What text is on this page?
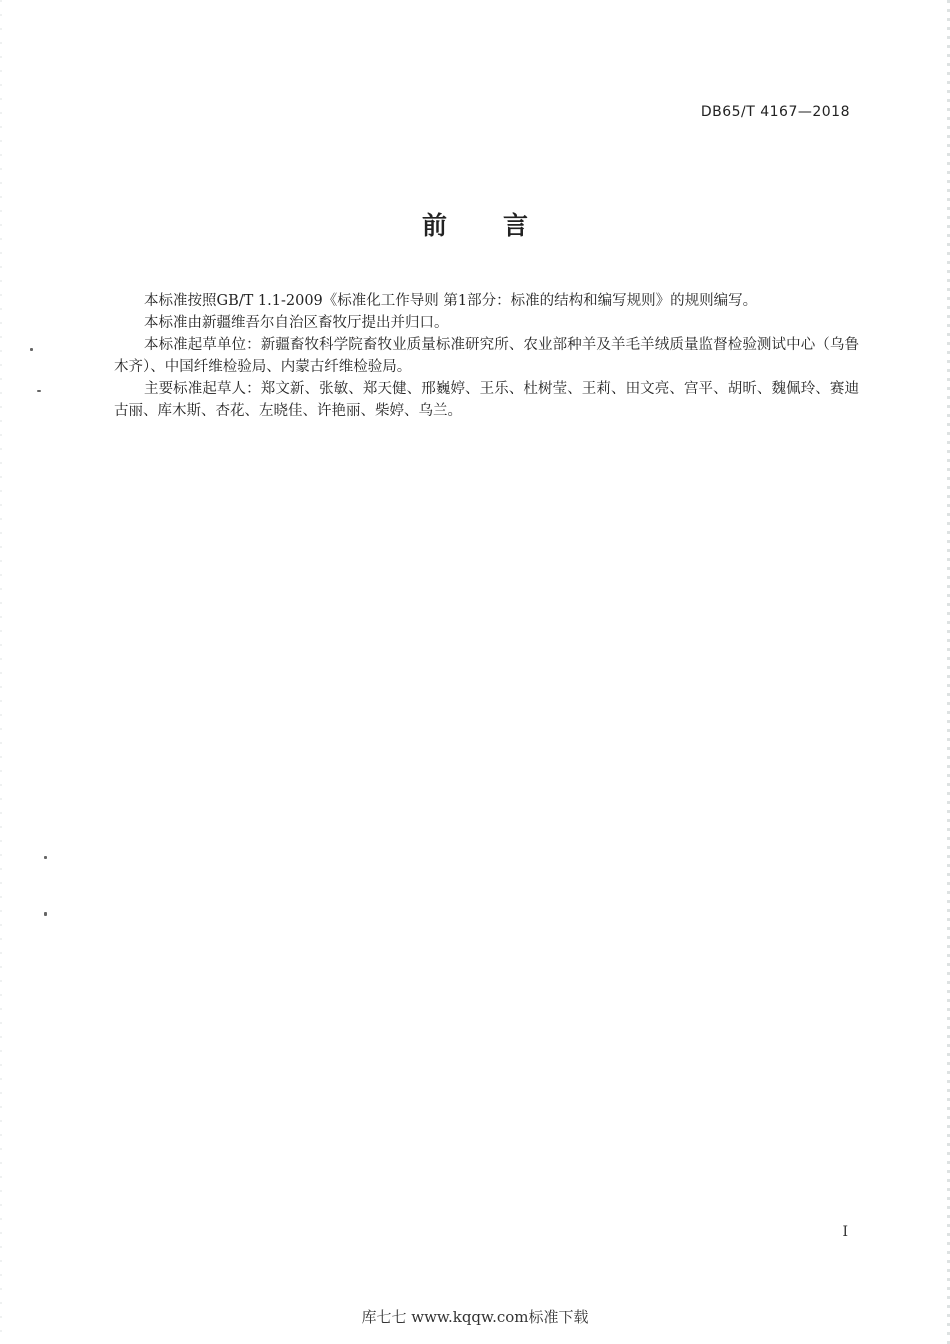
DB65/T 4167—2018
前言

本标准按照GB/T 1.1-2009《标准化工作导则 第1部分：标准的结构和编写规则》的规则编写。

本标准由新疆维吾尔自治区畜牧厅提出并归口。

本标准起草单位：新疆畜牧科学院畜牧业质量标准研究所、农业部种羊及羊毛羊绒质量监督检验测试中心（乌鲁木齐）、中国纤维检验局、内蒙古纤维检验局。

主要标准起草人：郑文新、张敏、郑天健、邢巍婷、王乐、杜树莹、王莉、田文亮、宫平、胡昕、魏佩玲、赛迪古丽、库木斯、杏花、左晓佳、许艳丽、柴婷、乌兰。

I
库七七 www.kqqw.com标准下载
